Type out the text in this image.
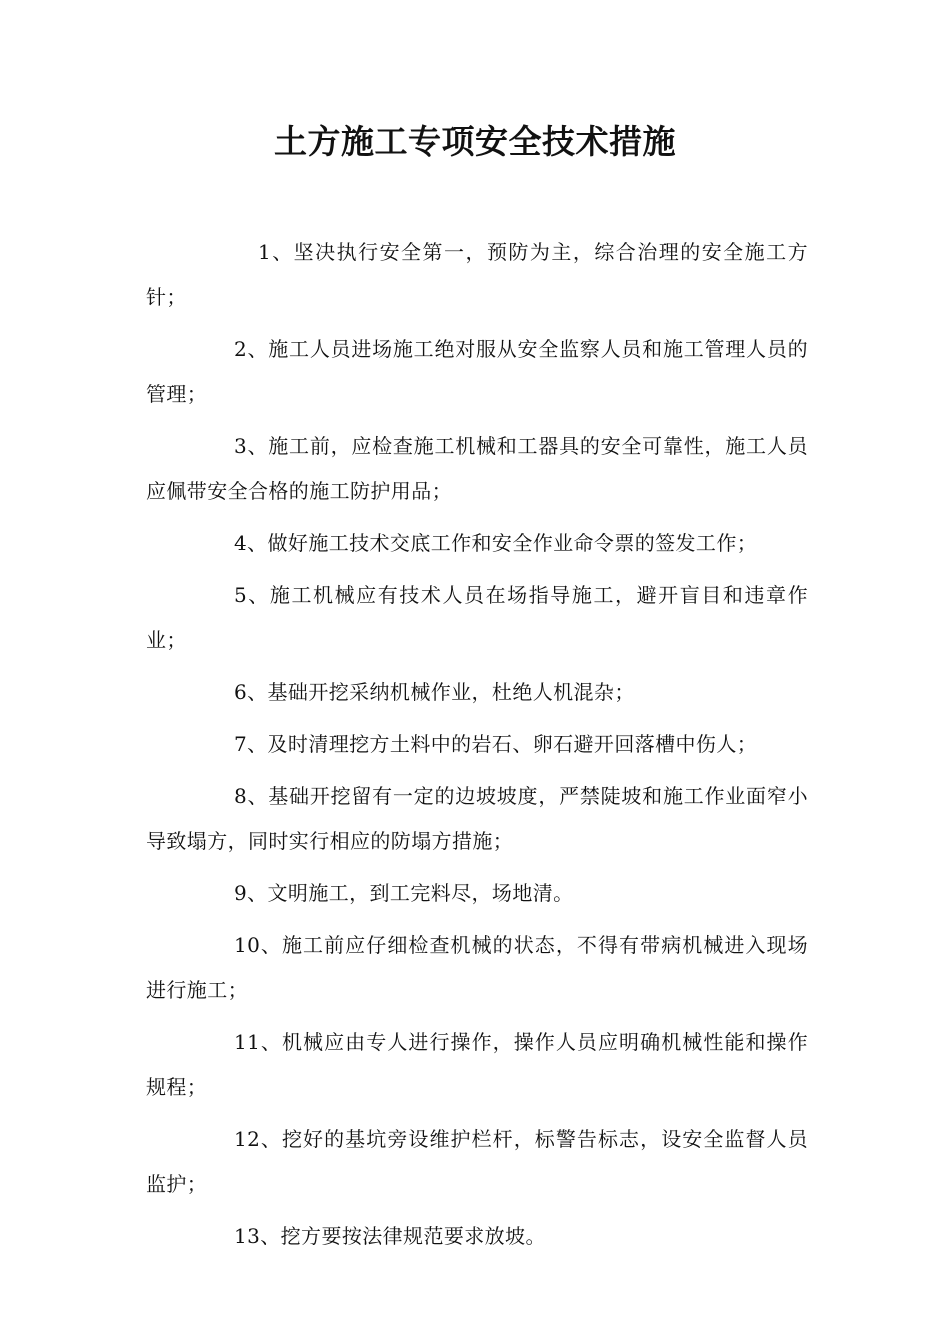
土方施工专项安全技术措施

1、坚决执行安全第一，预防为主，综合治理的安全施工方针；

2、施工人员进场施工绝对服从安全监察人员和施工管理人员的管理；

3、施工前，应检查施工机械和工器具的安全可靠性，施工人员应佩带安全合格的施工防护用品；

4、做好施工技术交底工作和安全作业命令票的签发工作；

5、施工机械应有技术人员在场指导施工，避开盲目和违章作业；

6、基础开挖采纳机械作业，杜绝人机混杂；

7、及时清理挖方土料中的岩石、卵石避开回落槽中伤人；

8、基础开挖留有一定的边坡坡度，严禁陡坡和施工作业面窄小导致塌方，同时实行相应的防塌方措施；

9、文明施工，到工完料尽，场地清。

10、施工前应仔细检查机械的状态，不得有带病机械进入现场进行施工；

11、机械应由专人进行操作，操作人员应明确机械性能和操作规程；

12、挖好的基坑旁设维护栏杆，标警告标志，设安全监督人员监护；

13、挖方要按法律规范要求放坡。
